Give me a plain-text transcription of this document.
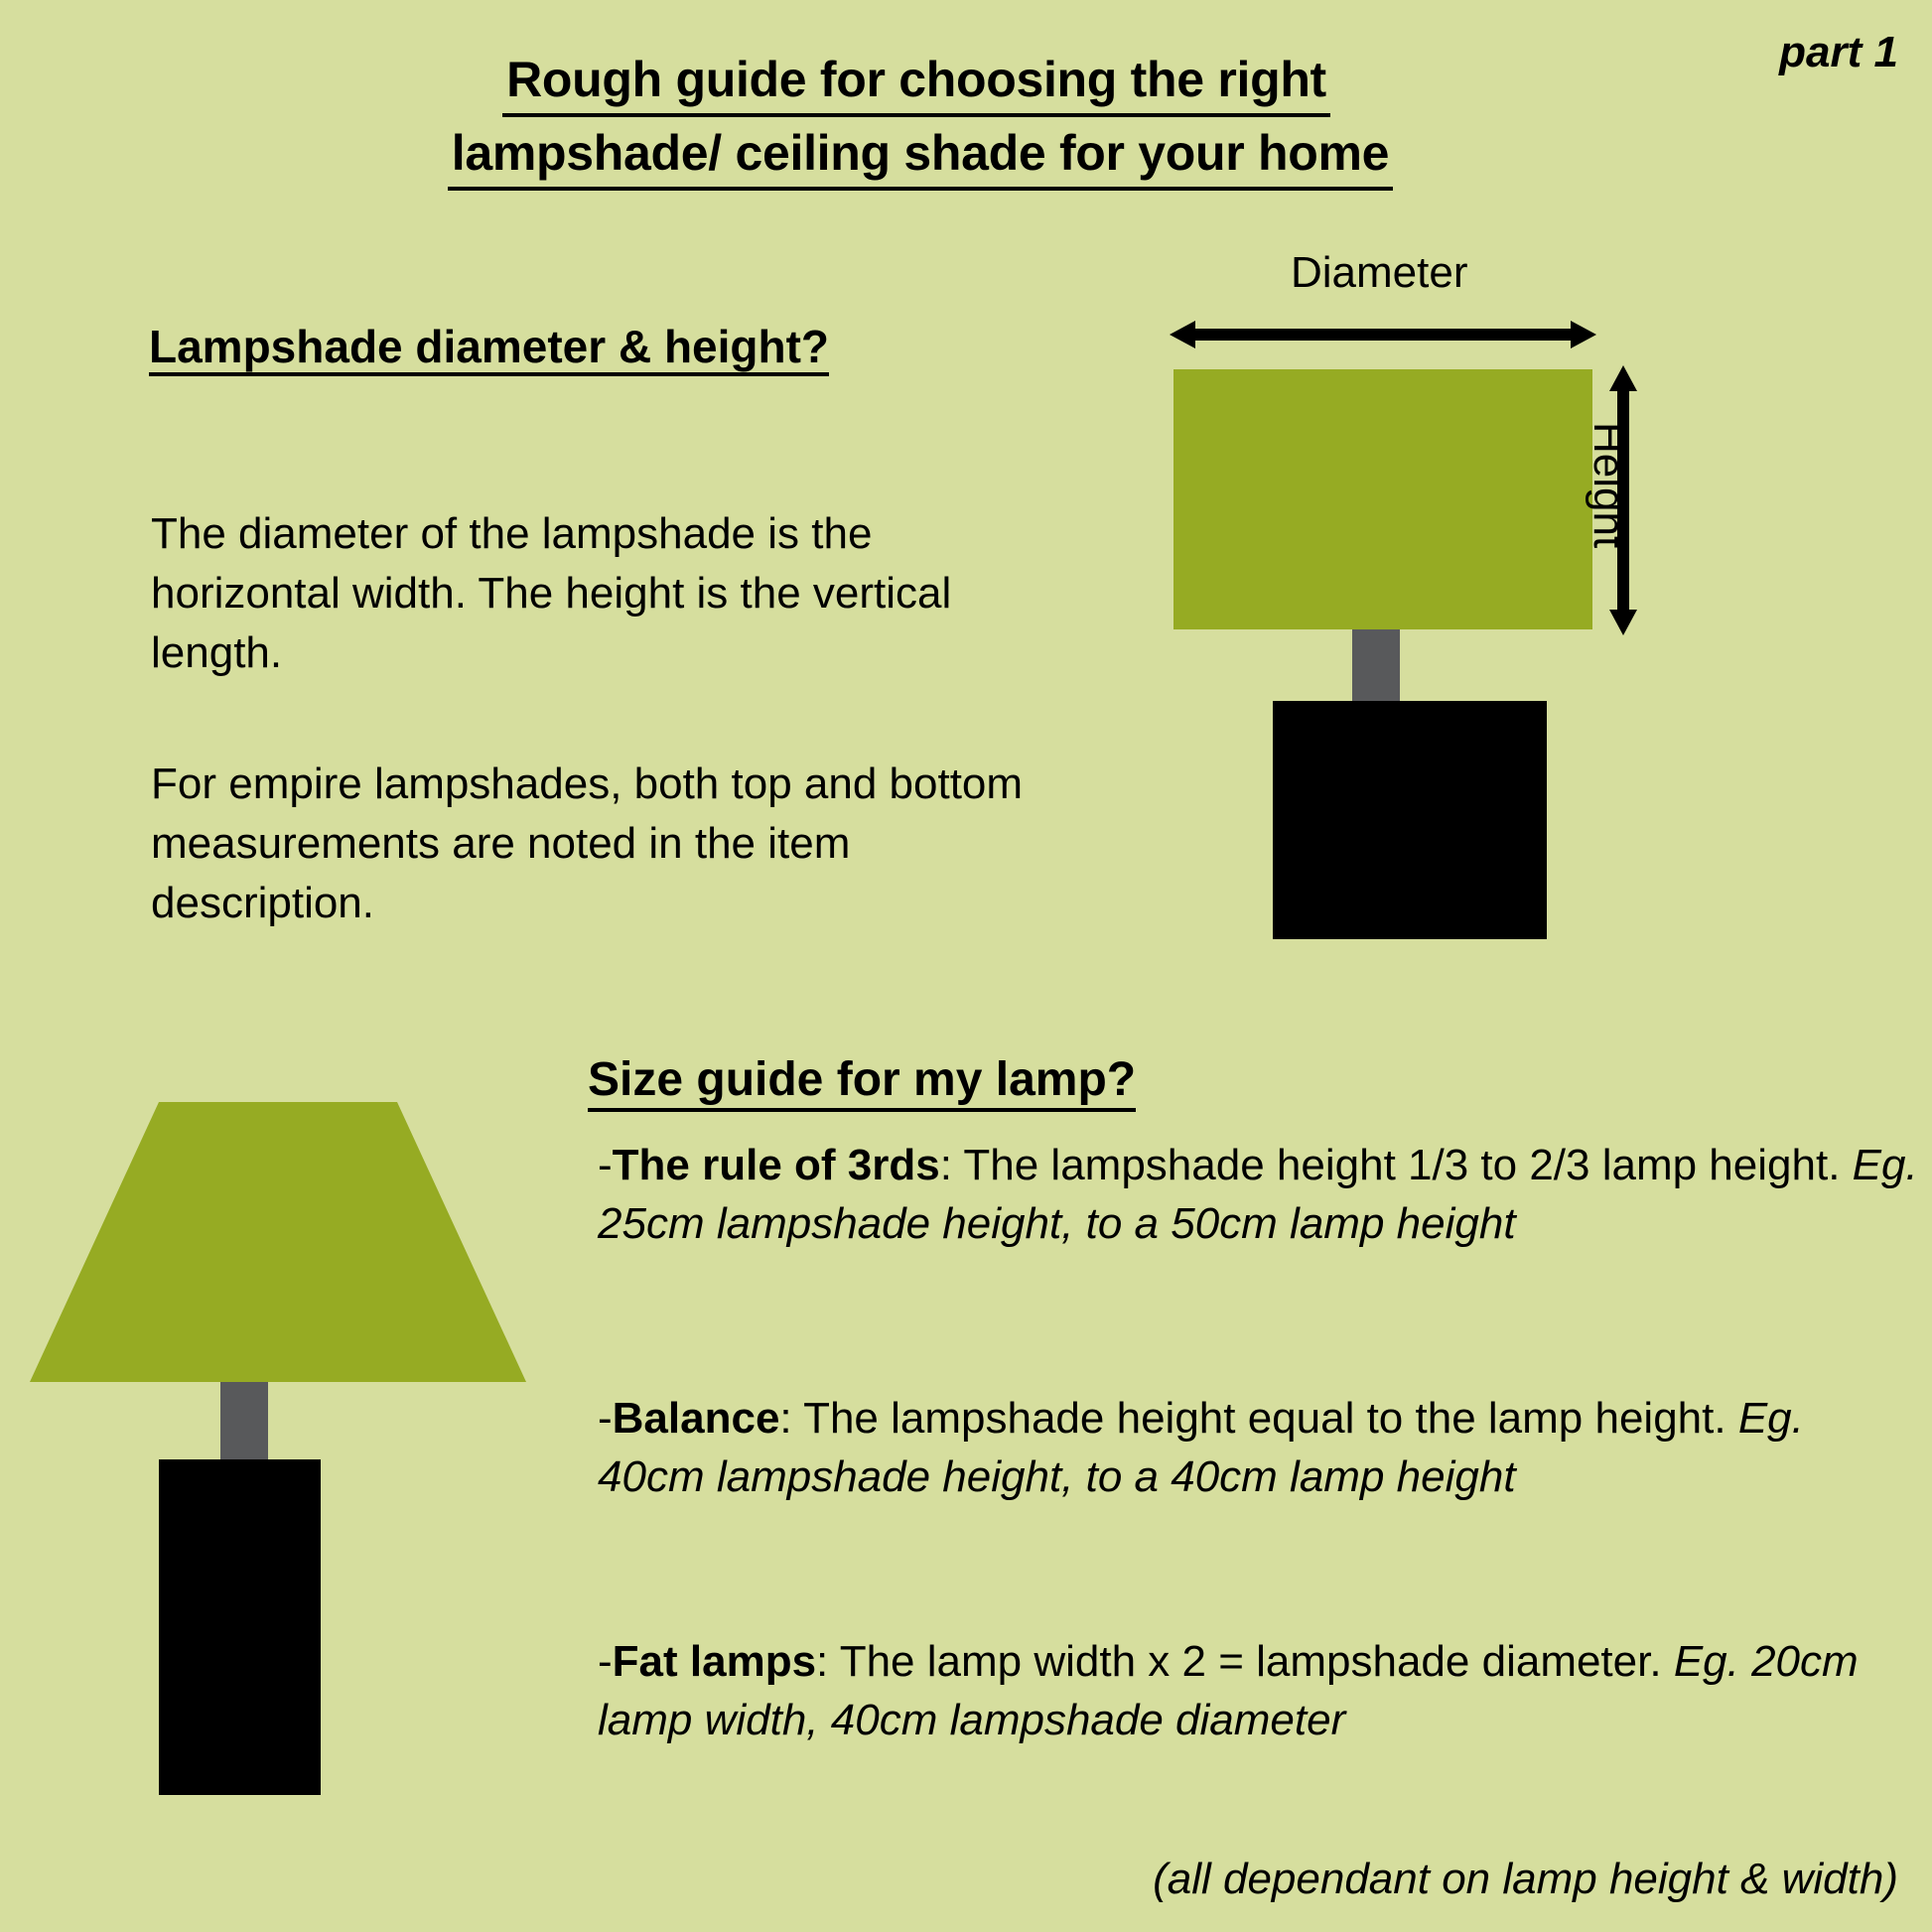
part 1
Rough guide for choosing the right
lampshade/ ceiling shade for your home
Lampshade diameter & height?
The diameter of the lampshade is the horizontal width. The height is the vertical length.
For empire lampshades, both top and bottom measurements are noted in the item description.
Diameter
Height
Size guide for my lamp?
-The rule of 3rds: The lampshade height 1/3 to 2/3 lamp height. Eg. 25cm lampshade height, to a 50cm lamp height
-Balance: The lampshade height equal to the lamp height. Eg. 40cm lampshade height, to a 40cm lamp height
-Fat lamps: The lamp width x 2 = lampshade diameter. Eg. 20cm lamp width, 40cm lampshade diameter
(all dependant on lamp height & width)
